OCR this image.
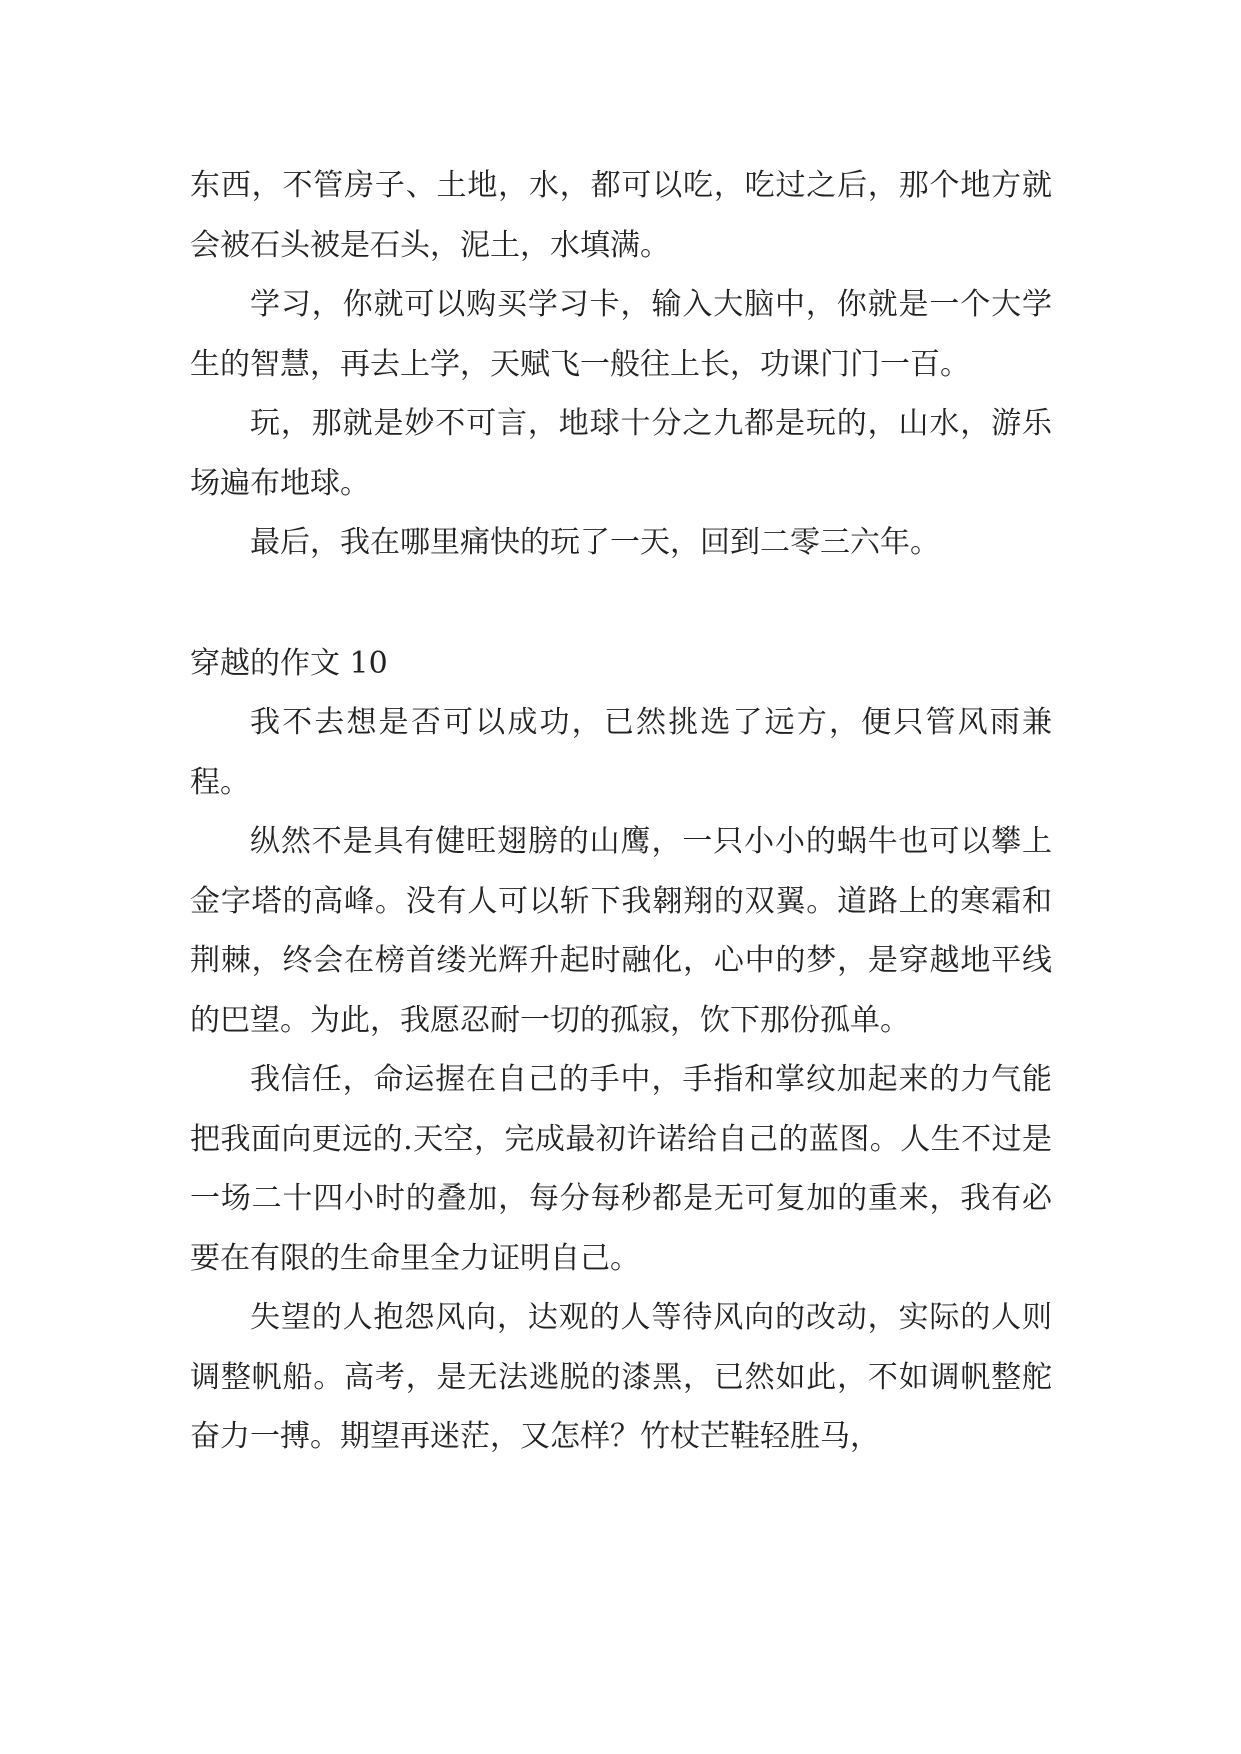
东西，不管房子、土地，水，都可以吃，吃过之后，那个地方就会被石头被是石头，泥土，水填满。

学习，你就可以购买学习卡，输入大脑中，你就是一个大学生的智慧，再去上学，天赋飞一般往上长，功课门门一百。

玩，那就是妙不可言，地球十分之九都是玩的，山水，游乐场遍布地球。

最后，我在哪里痛快的玩了一天，回到二零三六年。

穿越的作文 10

我不去想是否可以成功，已然挑选了远方，便只管风雨兼程。

纵然不是具有健旺翅膀的山鹰，一只小小的蜗牛也可以攀上金字塔的高峰。没有人可以斩下我翱翔的双翼。道路上的寒霜和荆棘，终会在榜首缕光辉升起时融化，心中的梦，是穿越地平线的巴望。为此，我愿忍耐一切的孤寂，饮下那份孤单。

我信任，命运握在自己的手中，手指和掌纹加起来的力气能把我面向更远的.天空，完成最初许诺给自己的蓝图。人生不过是一场二十四小时的叠加，每分每秒都是无可复加的重来，我有必要在有限的生命里全力证明自己。

失望的人抱怨风向，达观的人等待风向的改动，实际的人则调整帆船。高考，是无法逃脱的漆黑，已然如此，不如调帆整舵奋力一搏。期望再迷茫，又怎样？竹杖芒鞋轻胜马，
